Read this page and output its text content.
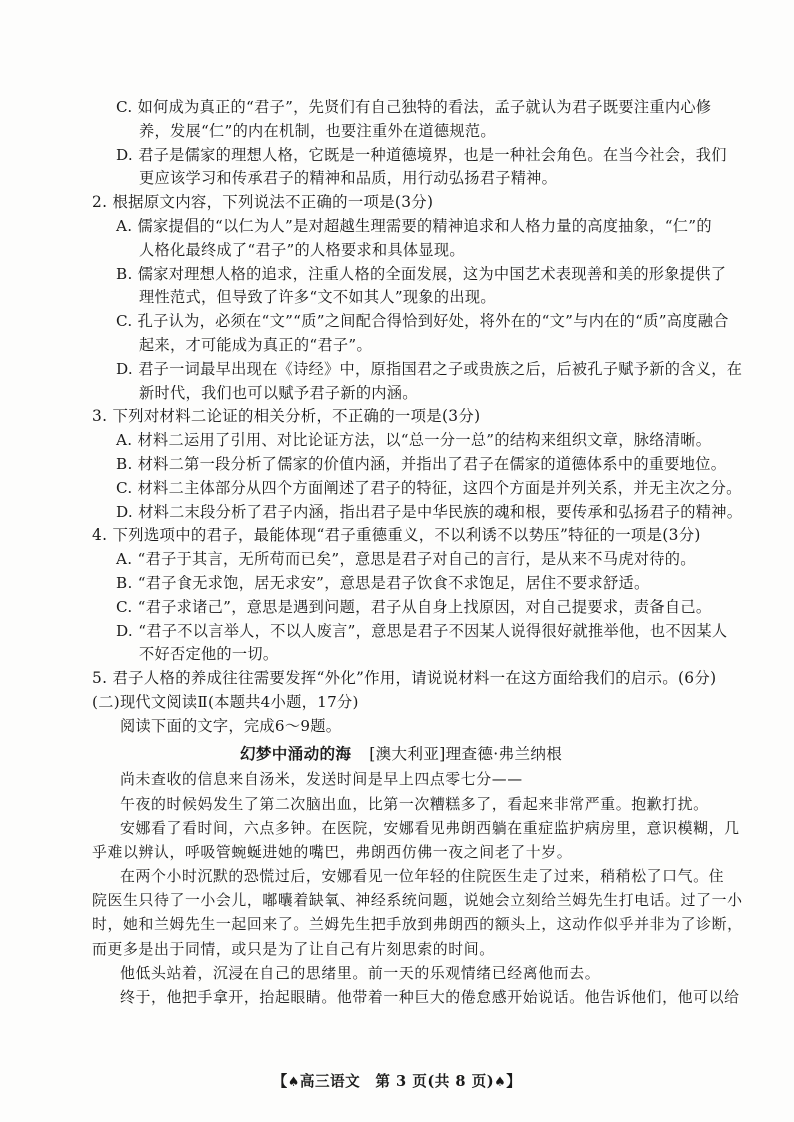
C. 如何成为真正的“君子”，先贤们有自己独特的看法，孟子就认为君子既要注重内心修
养，发展“仁”的内在机制，也要注重外在道德规范。
D. 君子是儒家的理想人格，它既是一种道德境界，也是一种社会角色。在当今社会，我们
更应该学习和传承君子的精神和品质，用行动弘扬君子精神。
2. 根据原文内容，下列说法不正确的一项是(3分)
A. 儒家提倡的“以仁为人”是对超越生理需要的精神追求和人格力量的高度抽象，“仁”的
人格化最终成了“君子”的人格要求和具体显现。
B. 儒家对理想人格的追求，注重人格的全面发展，这为中国艺术表现善和美的形象提供了
理性范式，但导致了许多“文不如其人”现象的出现。
C. 孔子认为，必须在“文”“质”之间配合得恰到好处，将外在的“文”与内在的“质”高度融合
起来，才可能成为真正的“君子”。
D. 君子一词最早出现在《诗经》中，原指国君之子或贵族之后，后被孔子赋予新的含义，在
新时代，我们也可以赋予君子新的内涵。
3. 下列对材料二论证的相关分析，不正确的一项是(3分)
A. 材料二运用了引用、对比论证方法，以“总一分一总”的结构来组织文章，脉络清晰。
B. 材料二第一段分析了儒家的价值内涵，并指出了君子在儒家的道德体系中的重要地位。
C. 材料二主体部分从四个方面阐述了君子的特征，这四个方面是并列关系，并无主次之分。
D. 材料二末段分析了君子内涵，指出君子是中华民族的魂和根，要传承和弘扬君子的精神。
4. 下列选项中的君子，最能体现“君子重德重义，不以利诱不以势压”特征的一项是(3分)
A. “君子于其言，无所苟而已矣”，意思是君子对自己的言行，是从来不马虎对待的。
B. “君子食无求饱，居无求安”，意思是君子饮食不求饱足，居住不要求舒适。
C. “君子求诸己”，意思是遇到问题，君子从自身上找原因，对自己提要求，责备自己。
D. “君子不以言举人，不以人废言”，意思是君子不因某人说得很好就推举他，也不因某人
不好否定他的一切。
5. 君子人格的养成往往需要发挥“外化”作用，请说说材料一在这方面给我们的启示。(6分)
(二)现代文阅读Ⅱ(本题共4小题，17分)
阅读下面的文字，完成6～9题。
幻梦中涌动的海 [澳大利亚]理查德·弗兰纳根
尚未查收的信息来自汤米，发送时间是早上四点零七分——
午夜的时候妈发生了第二次脑出血，比第一次糟糕多了，看起来非常严重。抱歉打扰。
安娜看了看时间，六点多钟。在医院，安娜看见弗朗西躺在重症监护病房里，意识模糊，几
乎难以辨认，呼吸管蜿蜒进她的嘴巴，弗朗西仿佛一夜之间老了十岁。
在两个小时沉默的恐慌过后，安娜看见一位年轻的住院医生走了过来，稍稍松了口气。住
院医生只待了一小会儿，嘟囔着缺氧、神经系统问题，说她会立刻给兰姆先生打电话。过了一小
时，她和兰姆先生一起回来了。兰姆先生把手放到弗朗西的额头上，这动作似乎并非为了诊断，
而更多是出于同情，或只是为了让自己有片刻思索的时间。
他低头站着，沉浸在自己的思绪里。前一天的乐观情绪已经离他而去。
终于，他把手拿开，抬起眼睛。他带着一种巨大的倦怠感开始说话。他告诉他们，他可以给
【♠高三语文　第 3 页(共 8 页)♠】
